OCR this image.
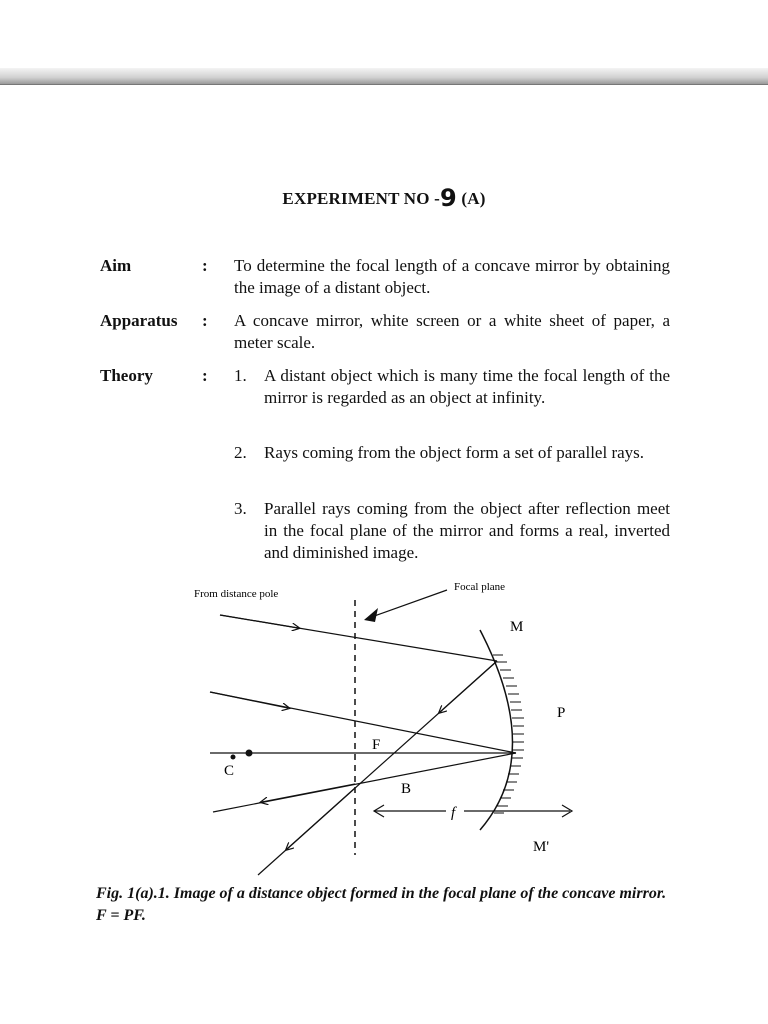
EXPERIMENT NO -9 (A)
Aim	: To determine the focal length of a concave mirror by obtaining the image of a distant object.
Apparatus : A concave mirror, white screen or a white sheet of paper, a meter scale.
Theory	: 1. A distant object which is many time the focal length of the mirror is regarded as an object at infinity.
2. Rays coming from the object form a set of parallel rays.
3. Parallel rays coming from the object after reflection meet in the focal plane of the mirror and forms a real, inverted and diminished image.
From distance pole
Focal plane
M
P
F
C
B
f
M'
Fig. 1(a).1. Image of a distance object formed in the focal plane of the concave mirror. F = PF.
